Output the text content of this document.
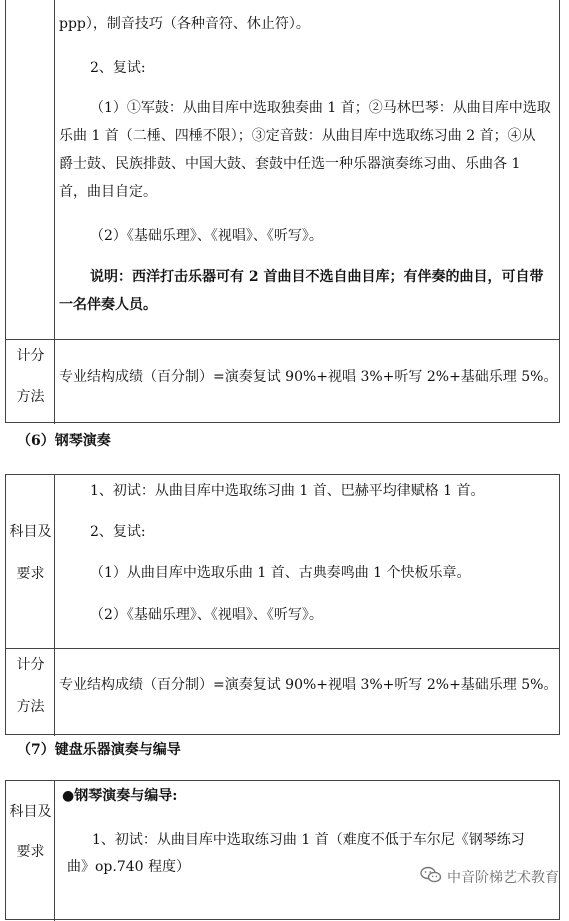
ppp），制音技巧（各种音符、休止符）。
2、复试:
（1）①军鼓：从曲目库中选取独奏曲 1 首；②马林巴琴：从曲目库中选取
乐曲 1 首（二棰、四棰不限）；③定音鼓：从曲目库中选取练习曲 2 首；④从
爵士鼓、民族排鼓、中国大鼓、套鼓中任选一种乐器演奏练习曲、乐曲各 1
首，曲目自定。
（2）《基础乐理》、《视唱》、《听写》。
说明：西洋打击乐器可有 2 首曲目不选自曲目库；有伴奏的曲目，可自带
一名伴奏人员。
计分
方法
专业结构成绩（百分制）=演奏复试 90%+视唱 3%+听写 2%+基础乐理 5%。
（6）钢琴演奏
科目及
要求
1、初试：从曲目库中选取练习曲 1 首、巴赫平均律赋格 1 首。
2、复试:
（1）从曲目库中选取乐曲 1 首、古典奏鸣曲 1 个快板乐章。
（2）《基础乐理》、《视唱》、《听写》。
计分
方法
专业结构成绩（百分制）=演奏复试 90%+视唱 3%+听写 2%+基础乐理 5%。
（7）键盘乐器演奏与编导
科目及
要求
●钢琴演奏与编导:
1、初试：从曲目库中选取练习曲 1 首（难度不低于车尔尼《钢琴练习
曲》op.740 程度）
中音阶梯艺术教育
